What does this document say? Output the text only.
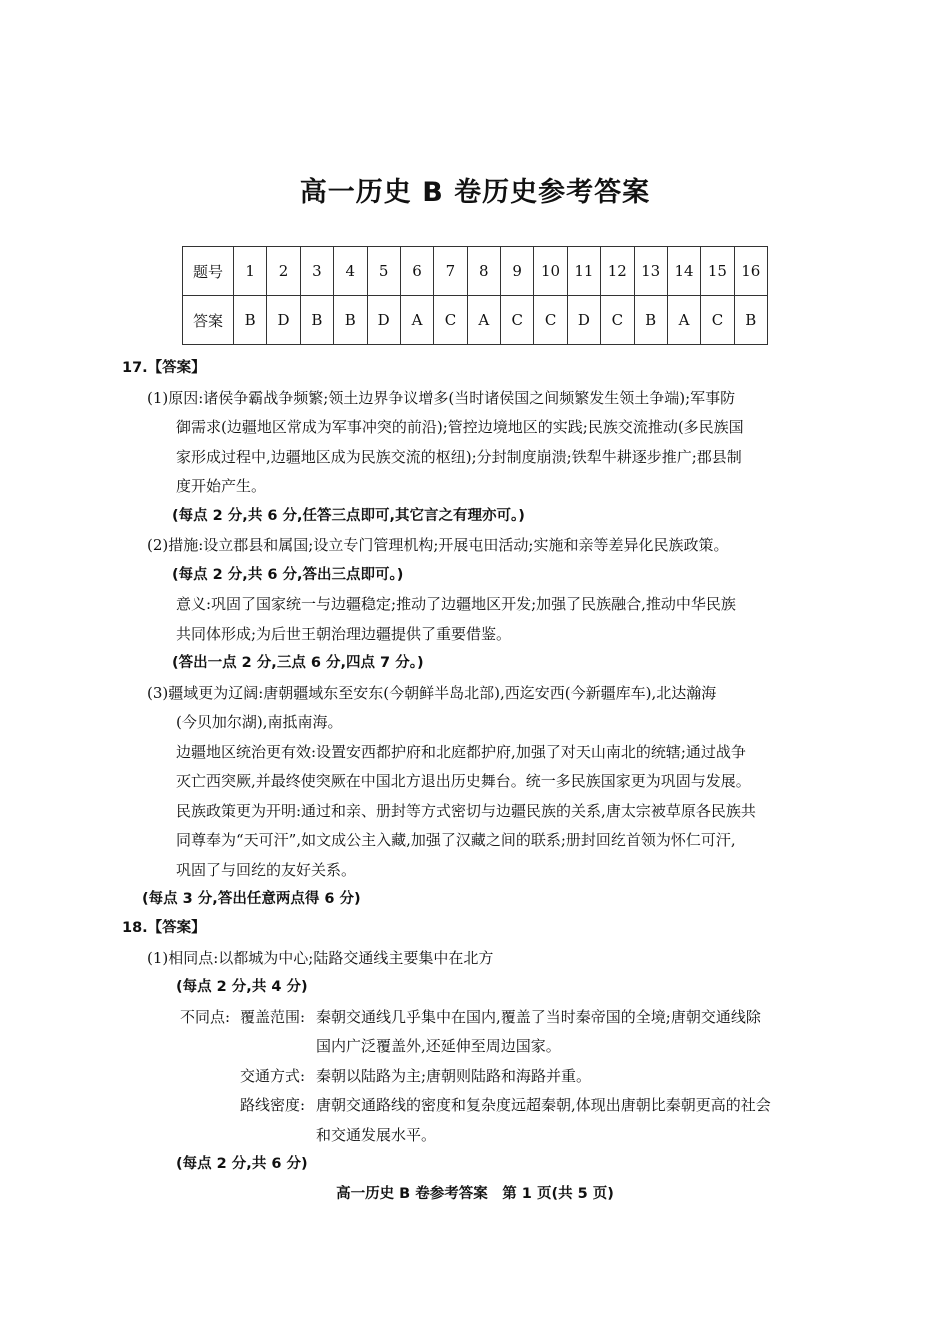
高一历史 B 卷历史参考答案
题号	1	2	3	4	5	6	7	8	9	10	11	12	13	14	15	16
答案	B	D	B	B	D	A	C	A	C	C	D	C	B	A	C	B
17.【答案】
(1)原因:诸侯争霸战争频繁;领土边界争议增多(当时诸侯国之间频繁发生领土争端);军事防
御需求(边疆地区常成为军事冲突的前沿);管控边境地区的实践;民族交流推动(多民族国
家形成过程中,边疆地区成为民族交流的枢纽);分封制度崩溃;铁犁牛耕逐步推广;郡县制
度开始产生。
(每点 2 分,共 6 分,任答三点即可,其它言之有理亦可。)
(2)措施:设立郡县和属国;设立专门管理机构;开展屯田活动;实施和亲等差异化民族政策。
(每点 2 分,共 6 分,答出三点即可。)
意义:巩固了国家统一与边疆稳定;推动了边疆地区开发;加强了民族融合,推动中华民族
共同体形成;为后世王朝治理边疆提供了重要借鉴。
(答出一点 2 分,三点 6 分,四点 7 分。)
(3)疆域更为辽阔:唐朝疆域东至安东(今朝鲜半岛北部),西迄安西(今新疆库车),北达瀚海
(今贝加尔湖),南抵南海。
边疆地区统治更有效:设置安西都护府和北庭都护府,加强了对天山南北的统辖;通过战争
灭亡西突厥,并最终使突厥在中国北方退出历史舞台。统一多民族国家更为巩固与发展。
民族政策更为开明:通过和亲、册封等方式密切与边疆民族的关系,唐太宗被草原各民族共
同尊奉为“天可汗”,如文成公主入藏,加强了汉藏之间的联系;册封回纥首领为怀仁可汗,
巩固了与回纥的友好关系。
(每点 3 分,答出任意两点得 6 分)
18.【答案】
(1)相同点:以都城为中心;陆路交通线主要集中在北方
(每点 2 分,共 4 分)
不同点: 覆盖范围: 秦朝交通线几乎集中在国内,覆盖了当时秦帝国的全境;唐朝交通线除
国内广泛覆盖外,还延伸至周边国家。
交通方式: 秦朝以陆路为主;唐朝则陆路和海路并重。
路线密度: 唐朝交通路线的密度和复杂度远超秦朝,体现出唐朝比秦朝更高的社会
和交通发展水平。
(每点 2 分,共 6 分)
高一历史 B 卷参考答案　第 1 页(共 5 页)
